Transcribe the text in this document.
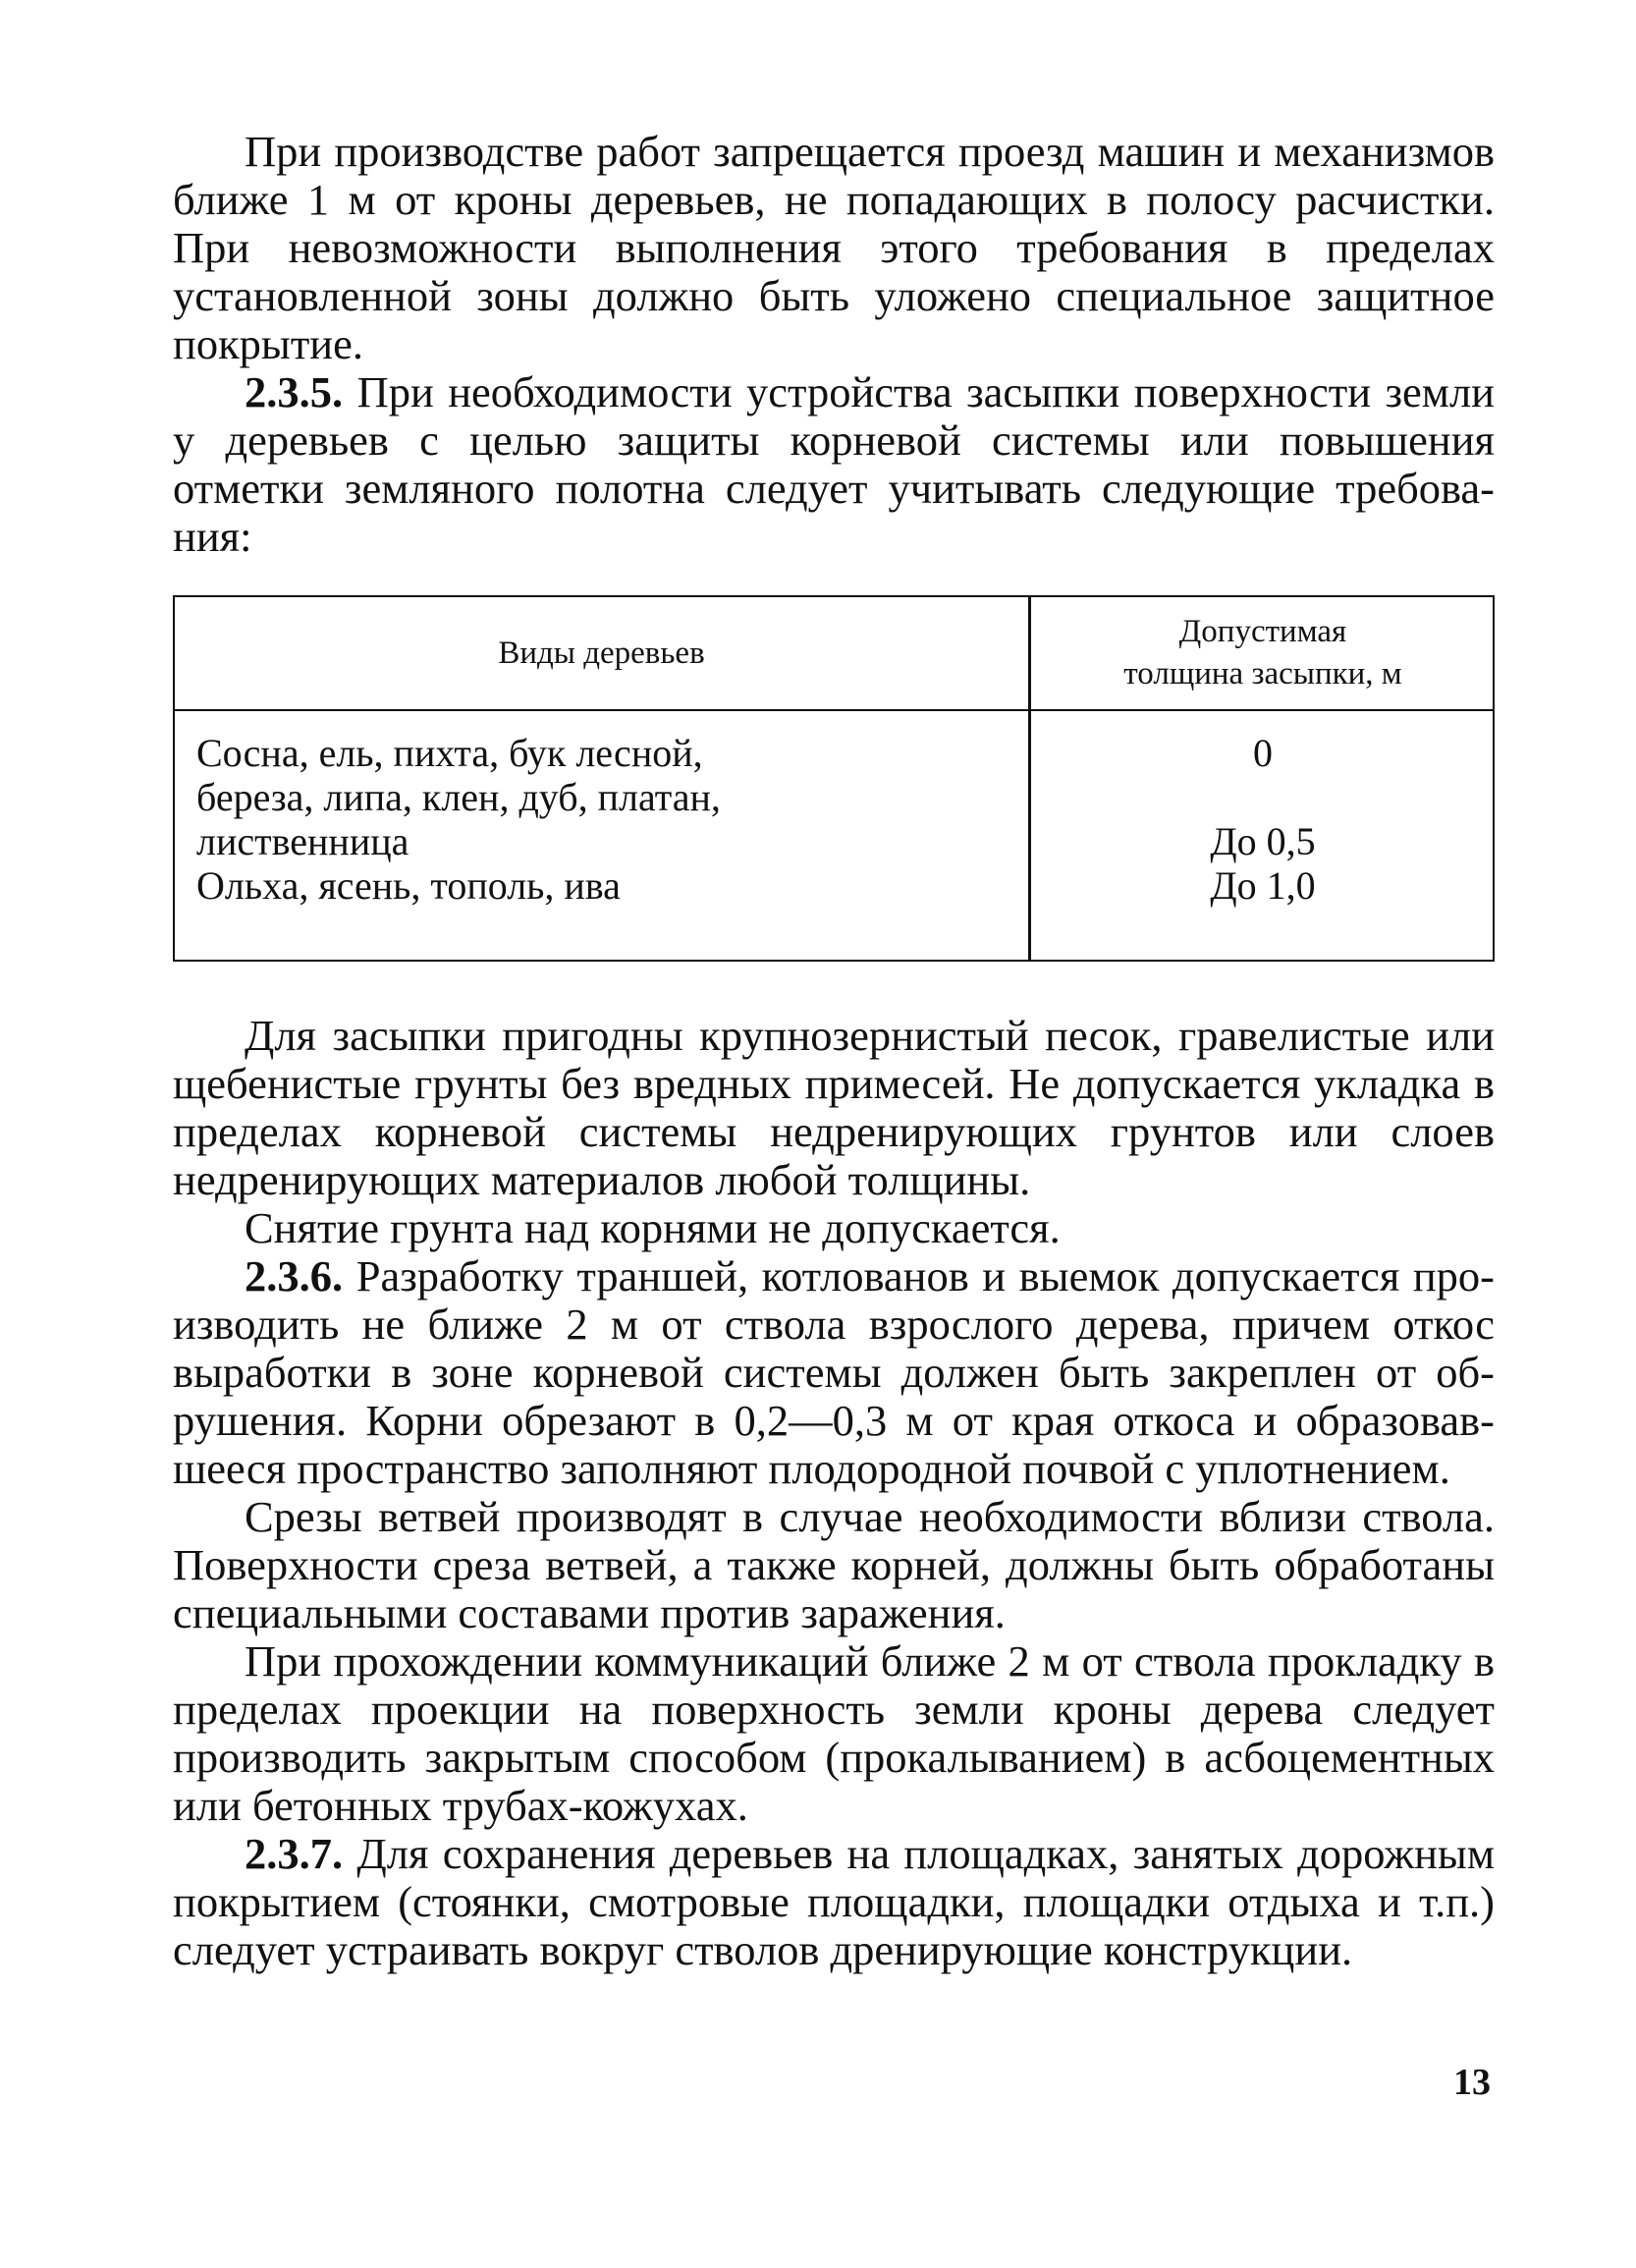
При производстве работ запрещается проезд машин и механизмов ближе 1 м от кроны деревьев, не попадающих в полосу расчистки. При невозможности выполнения этого требования в пределах установленной зоны должно быть уложено специальное защитное покрытие.

2.3.5. При необходимости устройства засыпки поверхности земли у деревьев с целью защиты корневой системы или повышения отметки земляного полотна следует учитывать следующие требования:

Виды деревьев
Допустимая
толщина засыпки, м
Сосна, ель, пихта, бук лесной,
береза, липа, клен, дуб, платан,
лиственница
Ольха, ясень, тополь, ива
0
До 0,5
До 1,0

Для засыпки пригодны крупнозернистый песок, гравелистые или щебенистые грунты без вредных примесей. Не допускается укладка в пределах корневой системы недренирующих грунтов или слоев недренирующих материалов любой толщины.

Снятие грунта над корнями не допускается.

2.3.6. Разработку траншей, котлованов и выемок допускается производить не ближе 2 м от ствола взрослого дерева, причем откос выработки в зоне корневой системы должен быть закреплен от обрушения. Корни обрезают в 0,2—0,3 м от края откоса и образовавшееся пространство заполняют плодородной почвой с уплотнением.

Срезы ветвей производят в случае необходимости вблизи ствола. Поверхности среза ветвей, а также корней, должны быть обработаны специальными составами против заражения.

При прохождении коммуникаций ближе 2 м от ствола прокладку в пределах проекции на поверхность земли кроны дерева следует производить закрытым способом (прокалыванием) в асбоцементных или бетонных трубах-кожухах.

2.3.7. Для сохранения деревьев на площадках, занятых дорожным покрытием (стоянки, смотровые площадки, площадки отдыха и т.п.) следует устраивать вокруг стволов дренирующие конструкции.

13
